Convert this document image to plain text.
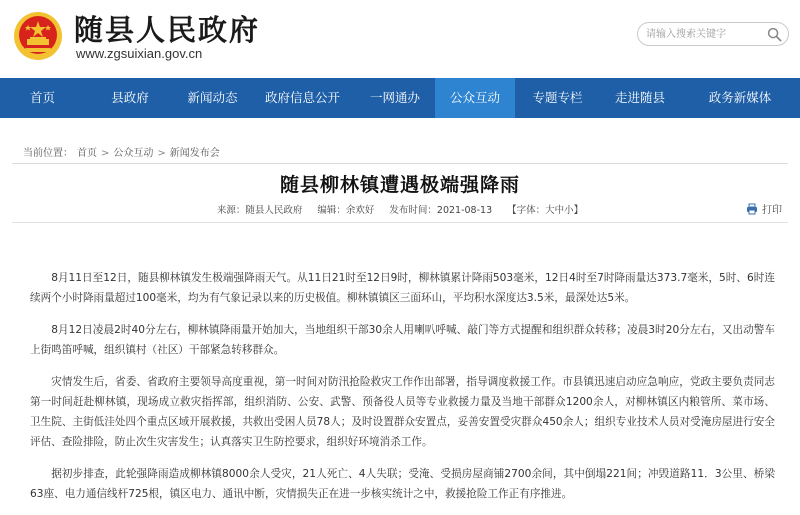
随县人民政府
www.zgsuixian.gov.cn
请输入搜索关键字
首页	县政府	新闻动态	政府信息公开	一网通办	公众互动	专题专栏	走进随县	政务新媒体
当前位置： 首页 > 公众互动 > 新闻发布会
随县柳林镇遭遇极端强降雨
来源：随县人民政府 编辑：余欢好 发布时间：2021-08-13 【字体：大中小】	打印

8月11日至12日，随县柳林镇发生极端强降雨天气。从11日21时至12日9时，柳林镇累计降雨503毫米，12日4时至7时降雨量达373.7毫米，5时、6时连续两个小时降雨量超过100毫米，均为有气象记录以来的历史极值。柳林镇镇区三面环山，平均积水深度达3.5米，最深处达5米。

8月12日凌晨2时40分左右，柳林镇降雨量开始加大，当地组织干部30余人用喇叭呼喊、敲门等方式提醒和组织群众转移；凌晨3时20分左右，又出动警车上街鸣笛呼喊，组织镇村（社区）干部紧急转移群众。

灾情发生后，省委、省政府主要领导高度重视，第一时间对防汛抢险救灾工作作出部署，指导调度救援工作。市县镇迅速启动应急响应，党政主要负责同志第一时间赶赴柳林镇，现场成立救灾指挥部，组织消防、公安、武警、预备役人员等专业救援力量及当地干部群众1200余人，对柳林镇区内粮管所、菜市场、卫生院、主街低洼处四个重点区域开展救援，共救出受困人员78人；及时设置群众安置点，妥善安置受灾群众450余人；组织专业技术人员对受淹房屋进行安全评估、查险排险，防止次生灾害发生；认真落实卫生防控要求，组织好环境消杀工作。

据初步排查，此轮强降雨造成柳林镇8000余人受灾，21人死亡、4人失联；受淹、受损房屋商铺2700余间，其中倒塌221间；冲毁道路11．3公里、桥梁63座、电力通信线杆725根，镇区电力、通讯中断，灾情损失正在进一步核实统计之中，救援抢险工作正有序推进。
